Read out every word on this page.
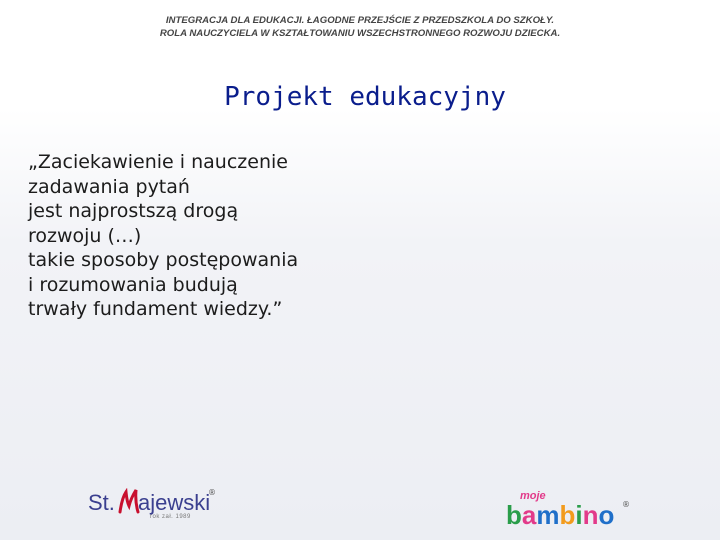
INTEGRACJA DLA EDUKACJI. ŁAGODNE PRZEJŚCIE Z PRZEDSZKOLA DO SZKOŁY.
ROLA NAUCZYCIELA W KSZTAŁTOWANIU WSZECHSTRONNEGO ROZWOJU DZIECKA.
Projekt edukacyjny
„Zaciekawienie i nauczenie
zadawania pytań
jest najprostszą drogą
rozwoju (…)
takie sposoby postępowania
i rozumowania budują
trwały fundament wiedzy.”
St. ajewski
®
rok zał. 1989
moje
bambino ®
